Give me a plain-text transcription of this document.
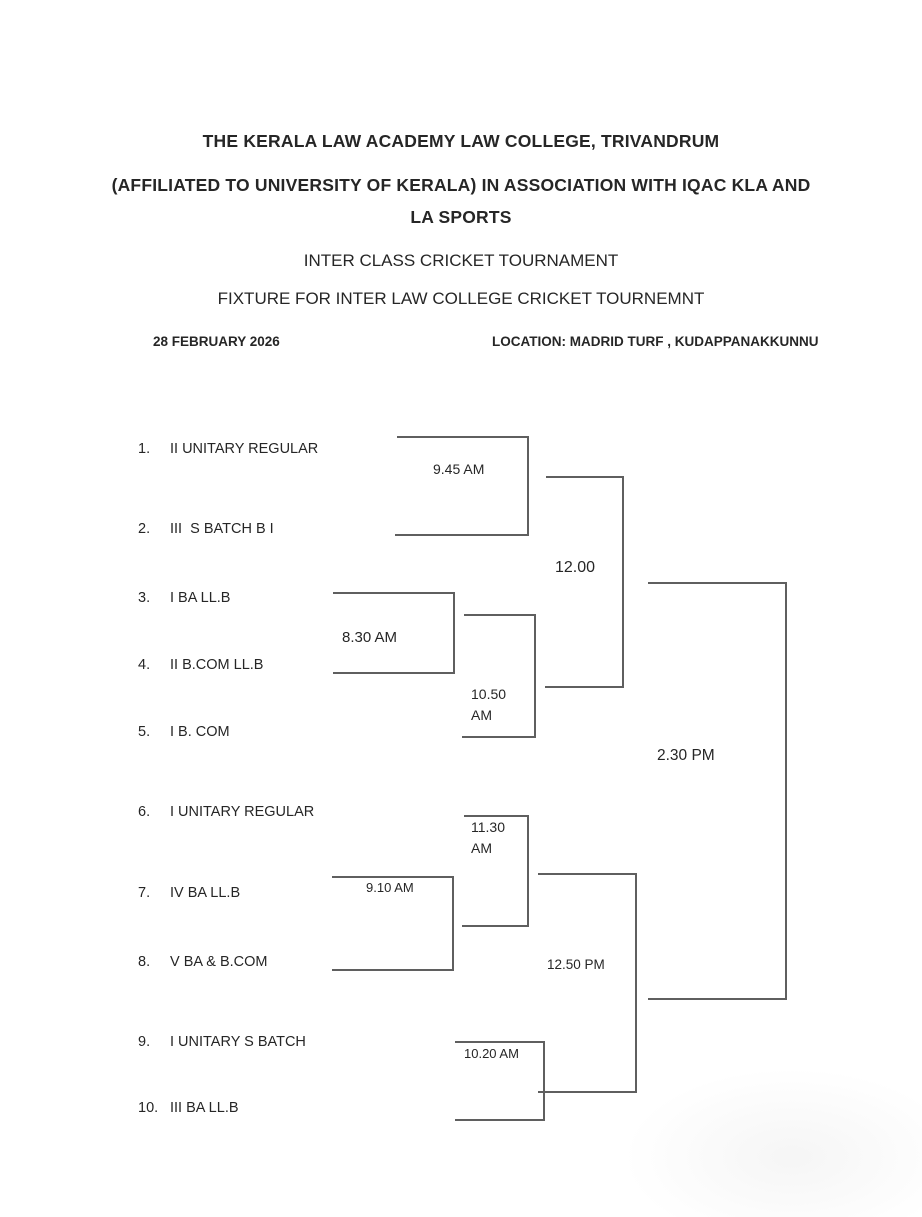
THE KERALA LAW ACADEMY LAW COLLEGE, TRIVANDRUM
(AFFILIATED TO UNIVERSITY OF KERALA) IN ASSOCIATION WITH IQAC KLA AND
LA SPORTS
INTER CLASS CRICKET TOURNAMENT
FIXTURE FOR INTER LAW COLLEGE CRICKET TOURNEMNT
28 FEBRUARY 2026	LOCATION: MADRID TURF , KUDAPPANAKKUNNU
1. II UNITARY REGULAR
2. III  S BATCH B I
3. I BA LL.B
4. II B.COM LL.B
5. I B. COM
6. I UNITARY REGULAR
7. IV BA LL.B
8. V BA & B.COM
9. I UNITARY S BATCH
10. III BA LL.B
9.45 AM
12.00
8.30 AM
10.50 AM
2.30 PM
11.30 AM
9.10 AM
12.50 PM
10.20 AM
